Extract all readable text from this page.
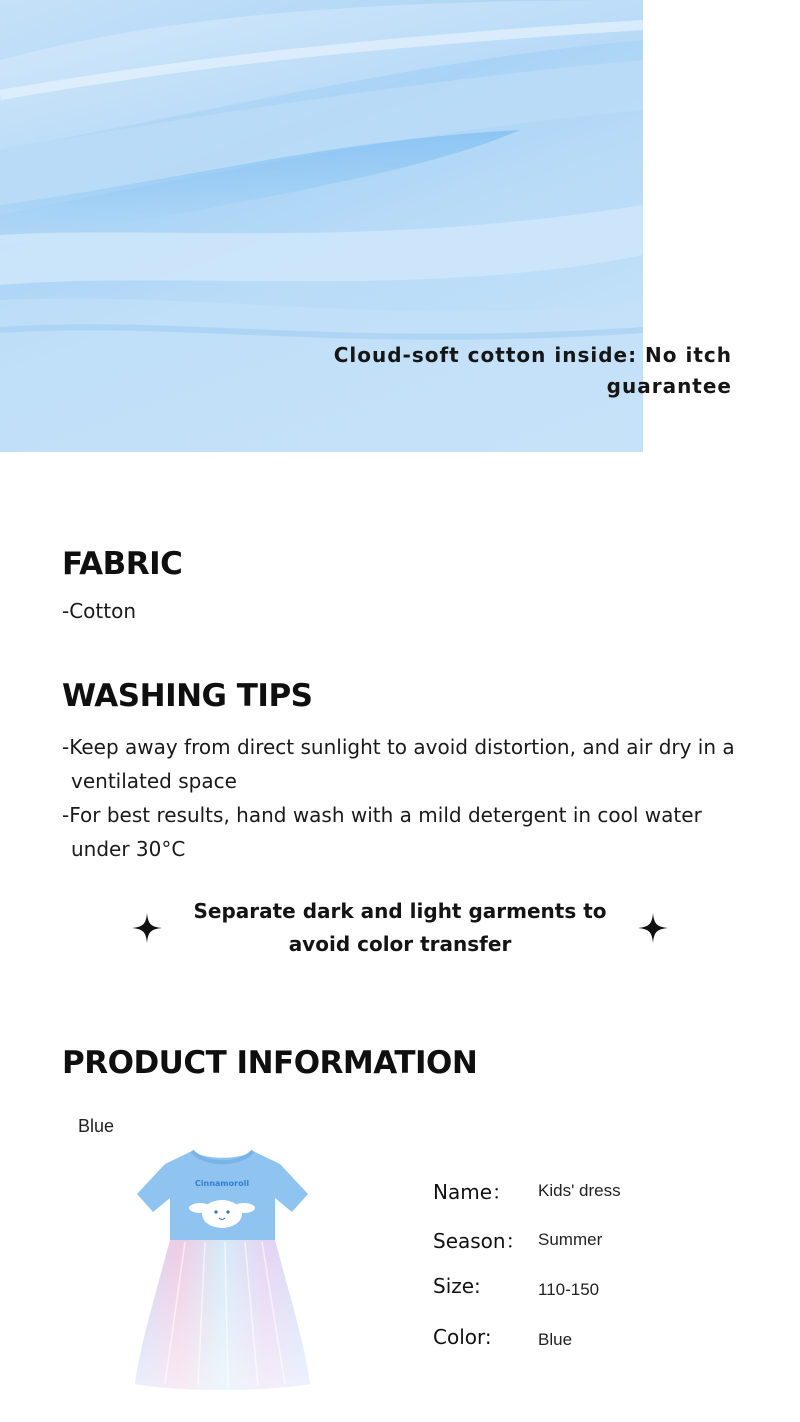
Cloud-soft cotton inside: No itch guarantee
FABRIC
-Cotton
WASHING TIPS
-Keep away from direct sunlight to avoid distortion, and air dry in a ventilated space
-For best results, hand wash with a mild detergent in cool water under 30°C
Separate dark and light garments to avoid color transfer
PRODUCT INFORMATION
Blue
Cinnamoroll	Name： Kids' dress
Season： Summer
Size:	110-150
Color:	Blue
